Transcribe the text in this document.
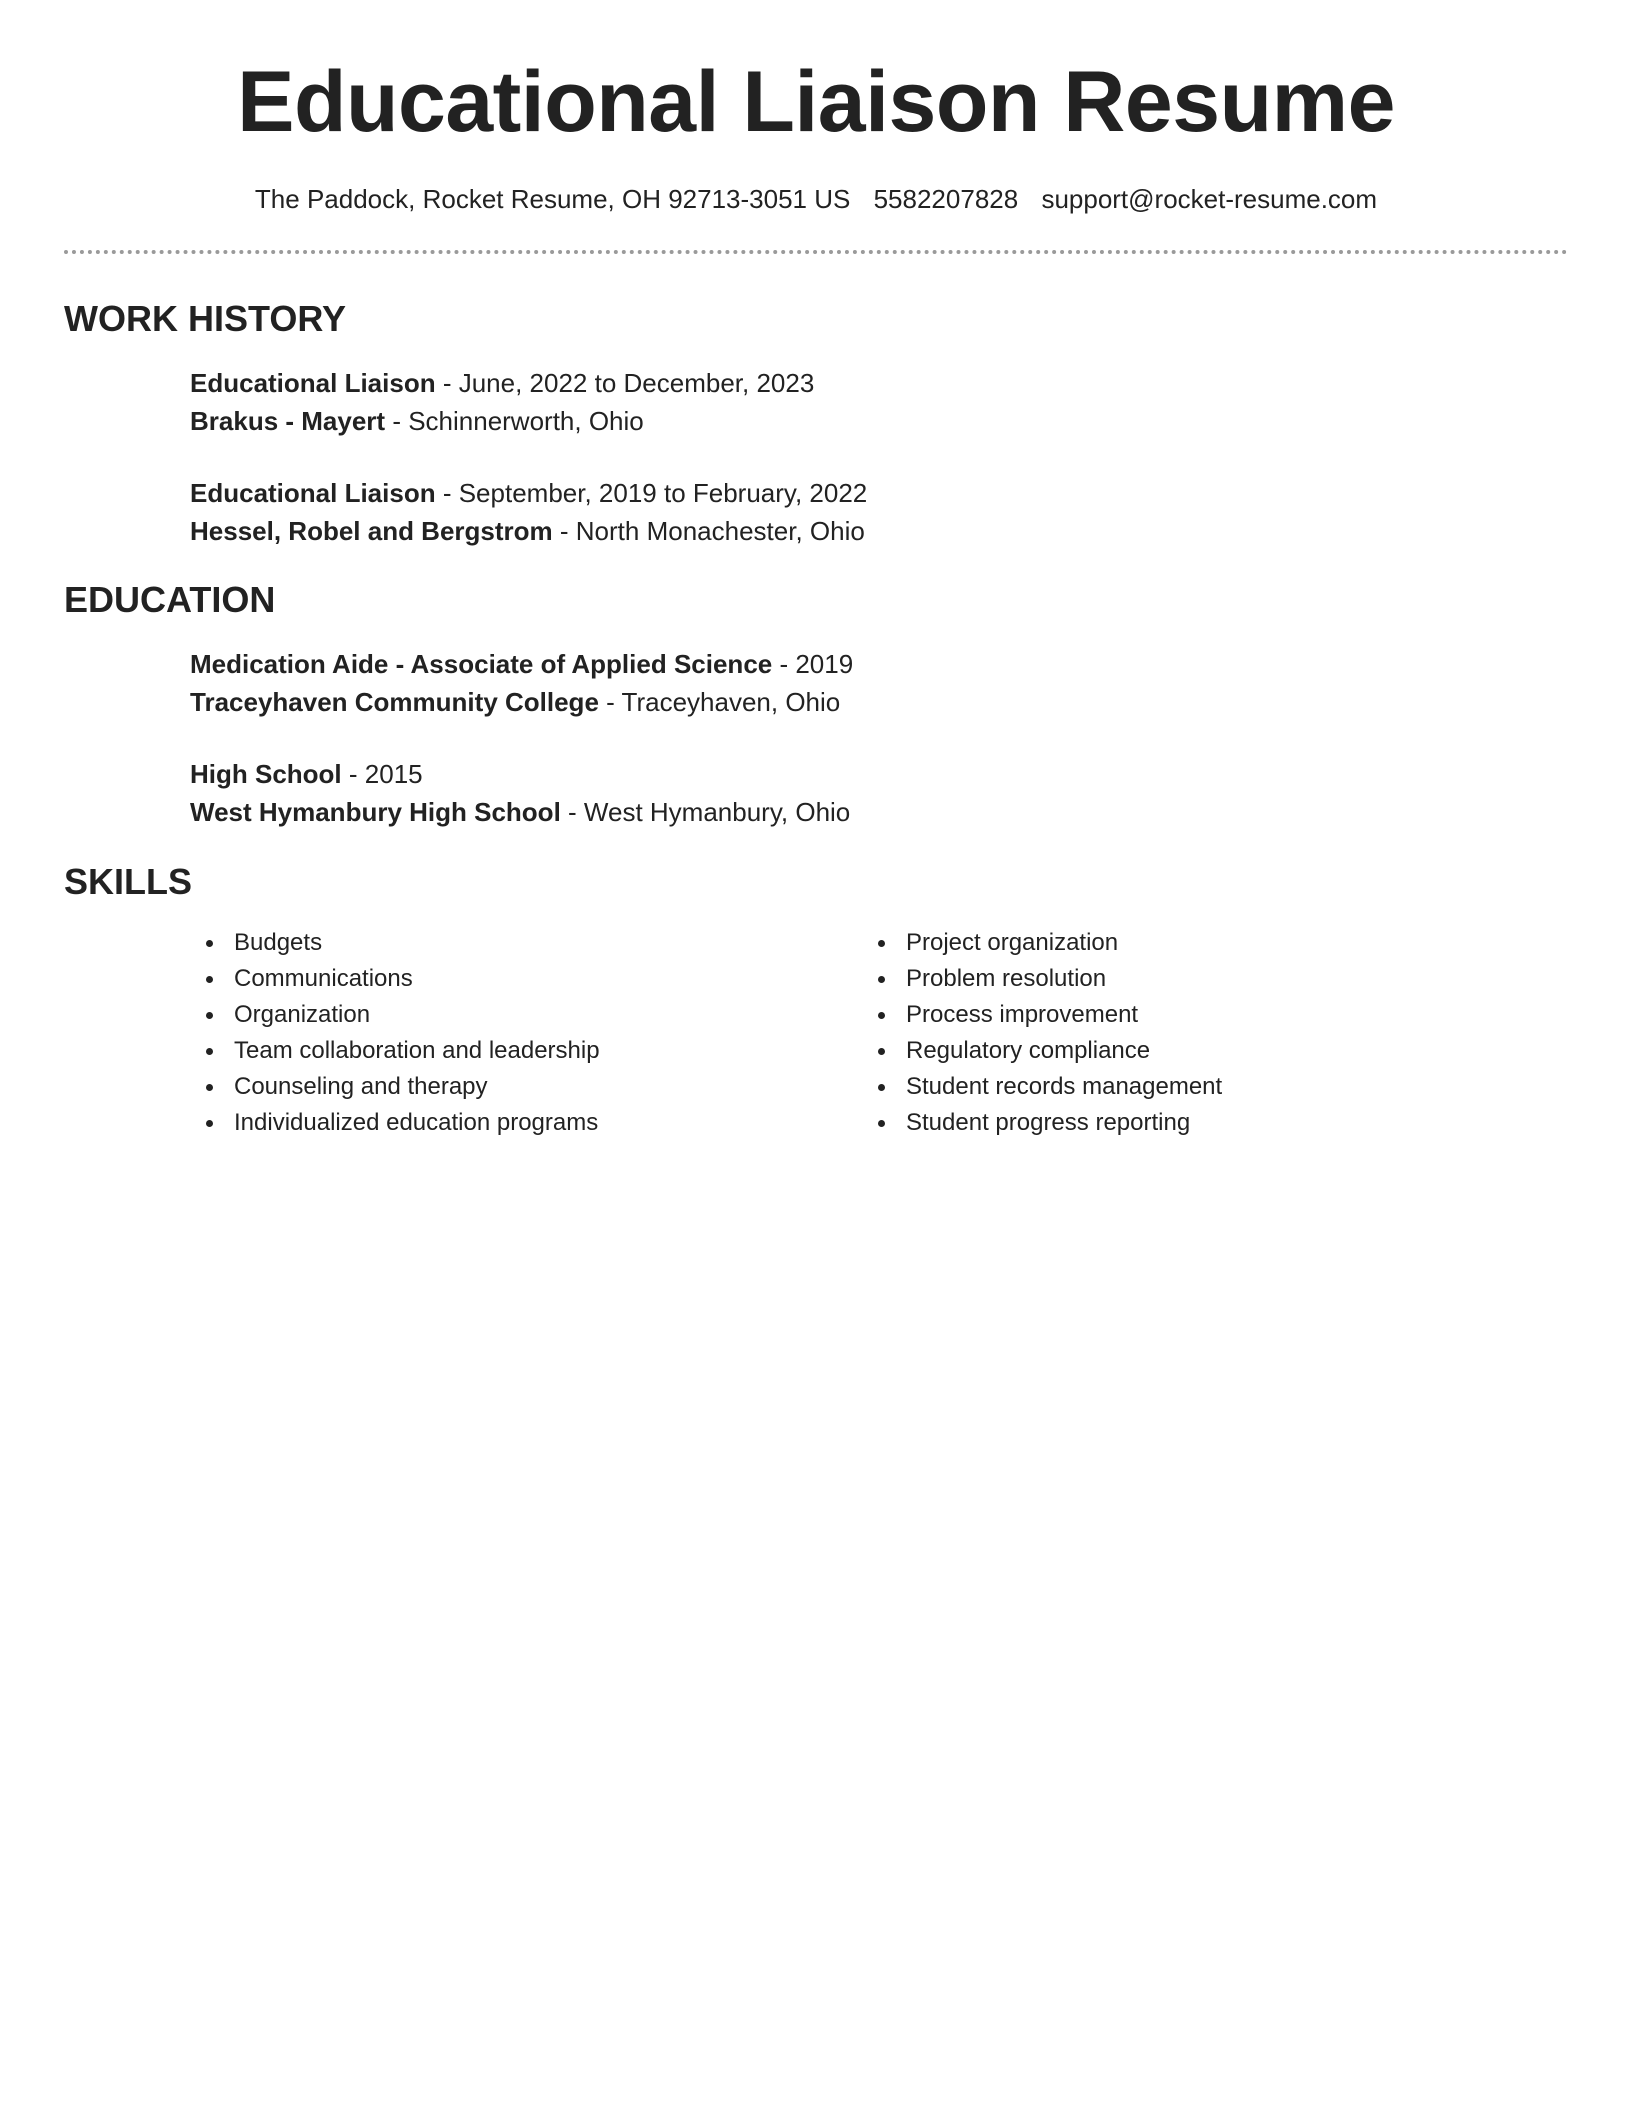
Educational Liaison Resume
The Paddock, Rocket Resume, OH 92713-3051 US 5582207828 support@rocket-resume.com
WORK HISTORY
Educational Liaison - June, 2022 to December, 2023
Brakus - Mayert - Schinnerworth, Ohio
Educational Liaison - September, 2019 to February, 2022
Hessel, Robel and Bergstrom - North Monachester, Ohio
EDUCATION
Medication Aide - Associate of Applied Science - 2019
Traceyhaven Community College - Traceyhaven, Ohio
High School - 2015
West Hymanbury High School - West Hymanbury, Ohio
SKILLS
Budgets
Communications
Organization
Team collaboration and leadership
Counseling and therapy
Individualized education programs
Project organization
Problem resolution
Process improvement
Regulatory compliance
Student records management
Student progress reporting
